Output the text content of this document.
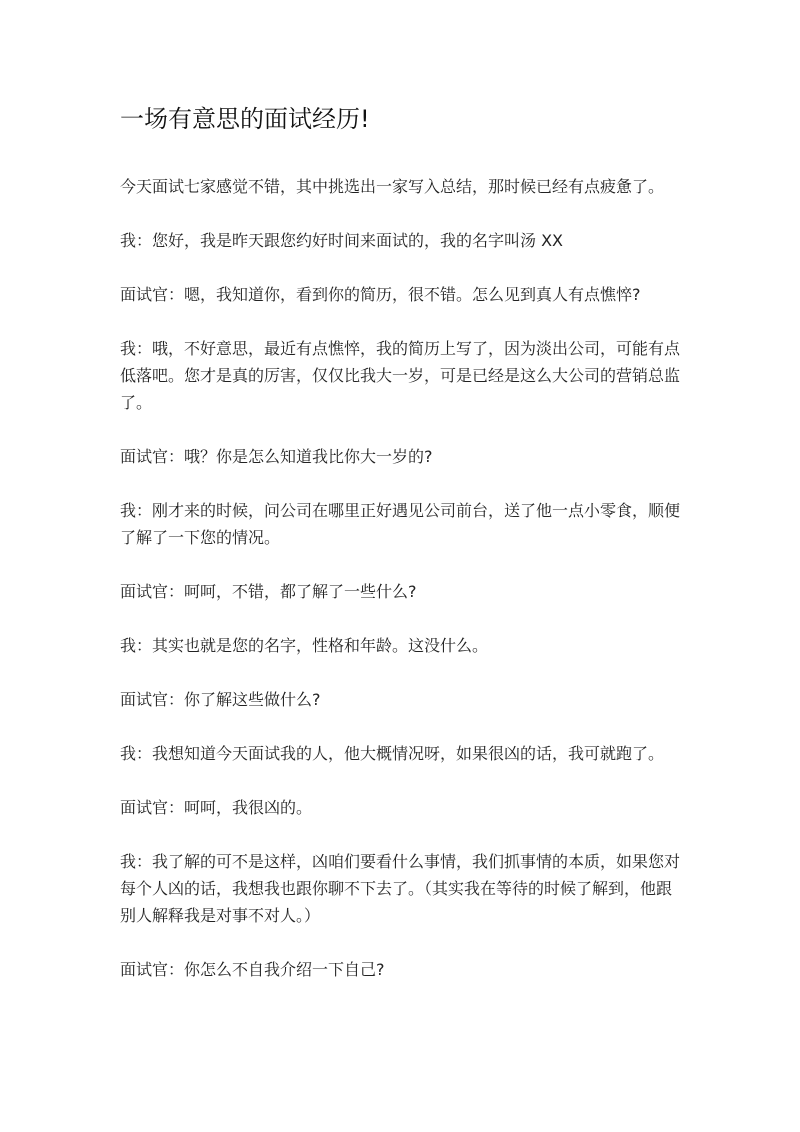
一场有意思的面试经历!

今天面试七家感觉不错，其中挑选出一家写入总结，那时候已经有点疲惫了。

我：您好，我是昨天跟您约好时间来面试的，我的名字叫汤 XX

面试官：嗯，我知道你，看到你的简历，很不错。怎么见到真人有点憔悴?

我：哦，不好意思，最近有点憔悴，我的简历上写了，因为淡出公司，可能有点低落吧。您才是真的厉害，仅仅比我大一岁，可是已经是这么大公司的营销总监了。

面试官：哦？你是怎么知道我比你大一岁的?

我：刚才来的时候，问公司在哪里正好遇见公司前台，送了他一点小零食，顺便了解了一下您的情况。

面试官：呵呵，不错，都了解了一些什么?

我：其实也就是您的名字，性格和年龄。这没什么。

面试官：你了解这些做什么?

我：我想知道今天面试我的人，他大概情况呀，如果很凶的话，我可就跑了。

面试官：呵呵，我很凶的。

我：我了解的可不是这样，凶咱们要看什么事情，我们抓事情的本质，如果您对每个人凶的话，我想我也跟你聊不下去了。（其实我在等待的时候了解到，他跟别人解释我是对事不对人。）

面试官：你怎么不自我介绍一下自己?
